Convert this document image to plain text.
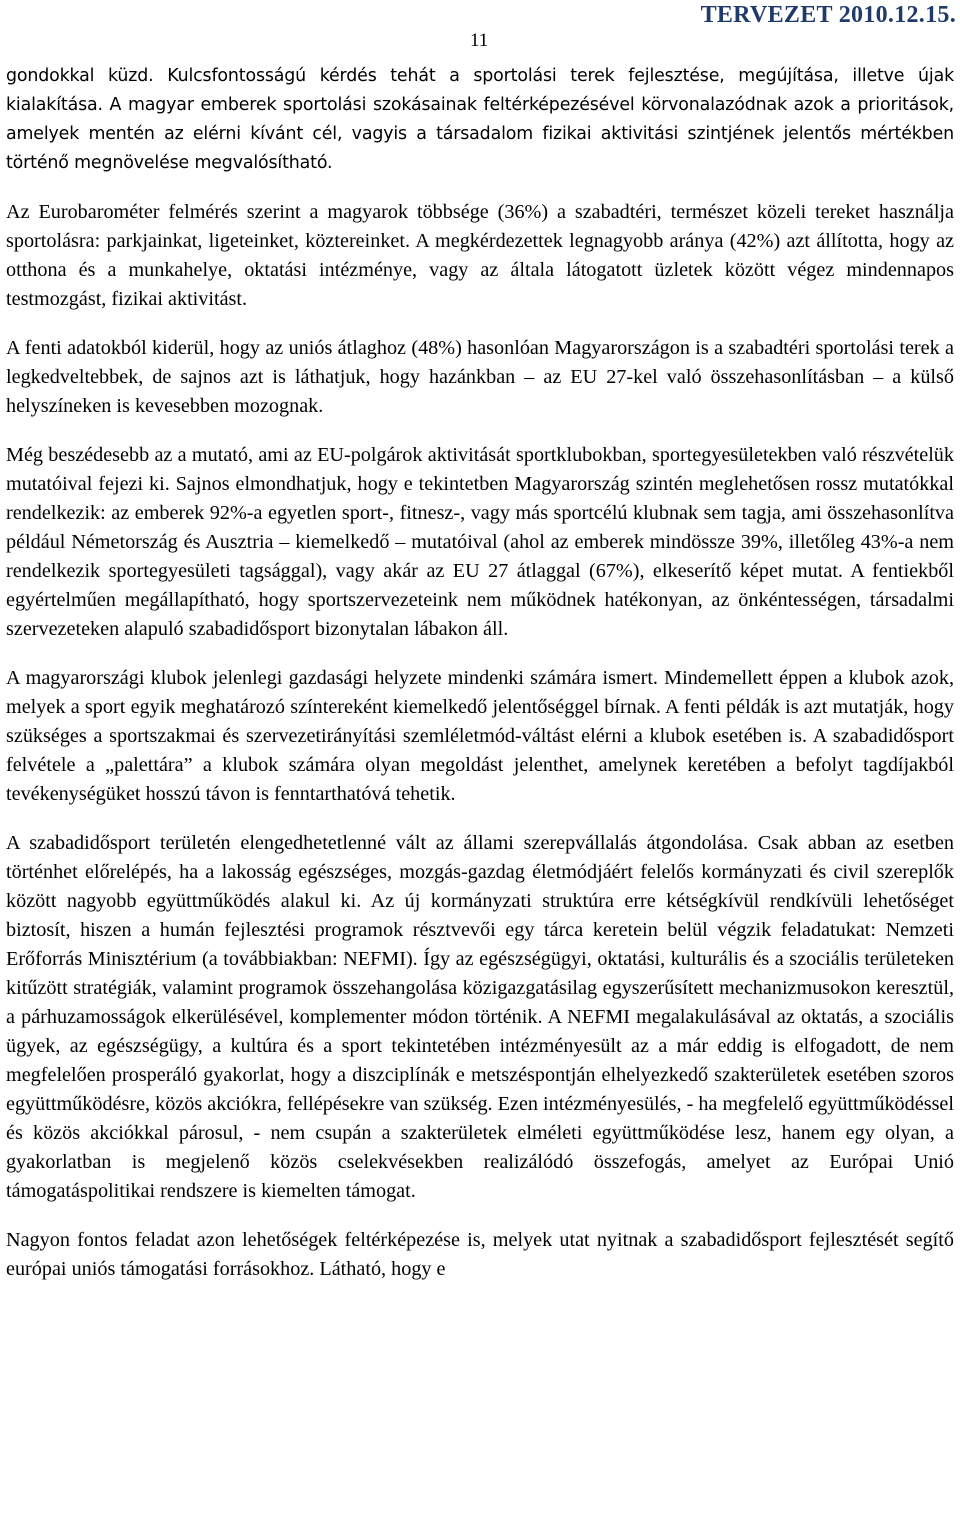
11
TERVEZET 2010.12.15.

gondokkal küzd. Kulcsfontosságú kérdés tehát a sportolási terek fejlesztése, megújítása, illetve újak kialakítása. A magyar emberek sportolási szokásainak feltérképezésével körvonalazódnak azok a prioritások, amelyek mentén az elérni kívánt cél, vagyis a társadalom fizikai aktivitási szintjének jelentős mértékben történő megnövelése megvalósítható.

Az Eurobarométer felmérés szerint a magyarok többsége (36%) a szabadtéri, természet közeli tereket használja sportolásra: parkjainkat, ligeteinket, köztereinket. A megkérdezettek legnagyobb aránya (42%) azt állította, hogy az otthona és a munkahelye, oktatási intézménye, vagy az általa látogatott üzletek között végez mindennapos testmozgást, fizikai aktivitást.

A fenti adatokból kiderül, hogy az uniós átlaghoz (48%) hasonlóan Magyarországon is a szabadtéri sportolási terek a legkedveltebbek, de sajnos azt is láthatjuk, hogy hazánkban – az EU 27-kel való összehasonlításban – a külső helyszíneken is kevesebben mozognak.

Még beszédesebb az a mutató, ami az EU-polgárok aktivitását sportklubokban, sportegyesületekben való részvételük mutatóival fejezi ki. Sajnos elmondhatjuk, hogy e tekintetben Magyarország szintén meglehetősen rossz mutatókkal rendelkezik: az emberek 92%-a egyetlen sport-, fitnesz-, vagy más sportcélú klubnak sem tagja, ami összehasonlítva például Németország és Ausztria – kiemelkedő – mutatóival (ahol az emberek mindössze 39%, illetőleg 43%-a nem rendelkezik sportegyesületi tagsággal), vagy akár az EU 27 átlaggal (67%), elkeserítő képet mutat. A fentiekből egyértelműen megállapítható, hogy sportszervezeteink nem működnek hatékonyan, az önkéntességen, társadalmi szervezeteken alapuló szabadidősport bizonytalan lábakon áll.

A magyarországi klubok jelenlegi gazdasági helyzete mindenki számára ismert. Mindemellett éppen a klubok azok, melyek a sport egyik meghatározó színtereként kiemelkedő jelentőséggel bírnak. A fenti példák is azt mutatják, hogy szükséges a sportszakmai és szervezetirányítási szemléletmód-váltást elérni a klubok esetében is. A szabadidősport felvétele a „palettára” a klubok számára olyan megoldást jelenthet, amelynek keretében a befolyt tagdíjakból tevékenységüket hosszú távon is fenntarthatóvá tehetik.

A szabadidősport területén elengedhetetlenné vált az állami szerepvállalás átgondolása. Csak abban az esetben történhet előrelépés, ha a lakosság egészséges, mozgás-gazdag életmódjáért felelős kormányzati és civil szereplők között nagyobb együttműködés alakul ki. Az új kormányzati struktúra erre kétségkívül rendkívüli lehetőséget biztosít, hiszen a humán fejlesztési programok résztvevői egy tárca keretein belül végzik feladatukat: Nemzeti Erőforrás Minisztérium (a továbbiakban: NEFMI). Így az egészségügyi, oktatási, kulturális és a szociális területeken kitűzött stratégiák, valamint programok összehangolása közigazgatásilag egyszerűsített mechanizmusokon keresztül, a párhuzamosságok elkerülésével, komplementer módon történik. A NEFMI megalakulásával az oktatás, a szociális ügyek, az egészségügy, a kultúra és a sport tekintetében intézményesült az a már eddig is elfogadott, de nem megfelelően prosperáló gyakorlat, hogy a diszciplínák e metszéspontján elhelyezkedő szakterületek esetében szoros együttműködésre, közös akciókra, fellépésekre van szükség. Ezen intézményesülés, - ha megfelelő együttműködéssel és közös akciókkal párosul, - nem csupán a szakterületek elméleti együttműködése lesz, hanem egy olyan, a gyakorlatban is megjelenő közös cselekvésekben realizálódó összefogás, amelyet az Európai Unió támogatáspolitikai rendszere is kiemelten támogat.

Nagyon fontos feladat azon lehetőségek feltérképezése is, melyek utat nyitnak a szabadidősport fejlesztését segítő európai uniós támogatási forrásokhoz. Látható, hogy e
